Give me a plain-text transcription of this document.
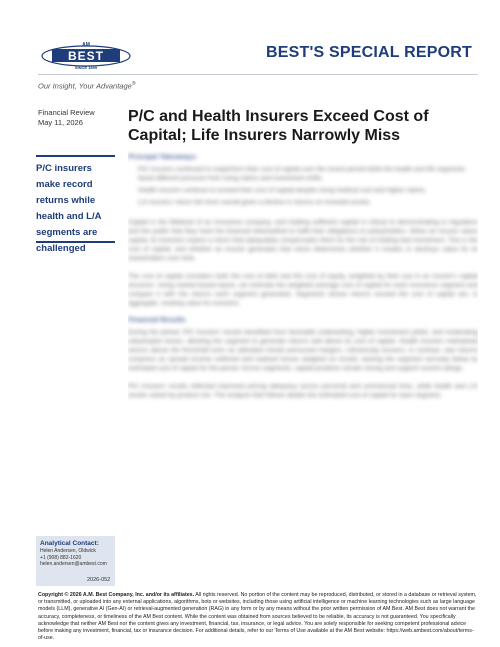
AM
BEST
SINCE 1899
BEST'S SPECIAL REPORT
Our Insight, Your Advantage®
Financial Review
May 11, 2026	P/C and Health Insurers Exceed Cost of Capital; Life Insurers Narrowly Miss
P/C insurers make record returns while health and L/A segments are challenged
Principal Takeaways
P/C insurers continued to outperform their cost of capital over the recent period while the health and life segments faced different pressure from rising claims and investment shifts.
Health insurers continue to exceed their cost of capital despite rising medical cost and higher claims.
L/A insurers' return fell short overall given a decline in returns on invested assets.

Capital is the lifeblood of an insurance company, and holding sufficient capital is critical to demonstrating to regulators and the public that they have the financial wherewithal to fulfill their obligations to policyholders. When an insurer raises capital, its investors expect a return that adequately compensates them for the risk of holding that investment. This is the cost of capital, and whether an insurer generates that return determines whether it creates or destroys value for its shareholders over time.

The cost of capital considers both the cost of debt and the cost of equity, weighted by their use in an insurer's capital structure. Using market-based inputs, we estimate the weighted average cost of capital for each insurance segment and compare it with the returns each segment generated. Segments whose returns exceed the cost of capital are, in aggregate, creating value for investors.

Financial Results

During the period, P/C insurers' results benefited from favorable underwriting, higher investment yields, and moderating catastrophe losses, allowing the segment to generate returns well above its cost of capital. Health insurers maintained returns above the threshold even as utilization trends pressured margins. Life/annuity insurers, in contrast, saw returns compress as spread income softened and realized losses weighed on results, leaving the segment narrowly below its estimated cost of capital for the period. Across segments, capital positions remain strong and support current ratings.

P/C insurers' results reflected improved pricing adequacy across personal and commercial lines, while health and L/A results varied by product mix. The analysis that follows details the estimated cost of capital for each segment.

Analytical Contact:
Helen Andersen, Oldwick
+1 (908) 882-1620
helen.andersen@ambest.com
2026-052
Copyright © 2026 A.M. Best Company, Inc. and/or its affiliates. All rights reserved. No portion of the content may be reproduced, distributed, or stored in a database or retrieval system, or transmitted, or uploaded into any external applications, algorithms, bots or websites, including those using artificial intelligence or machine learning technologies such as large language models (LLM), generative AI (Gen-AI) or retrieval-augmented generation (RAG) in any form or by any means without the prior written permission of AM Best. AM Best does not warrant the accuracy, completeness, or timeliness of the AM Best content. While the content was obtained from sources believed to be reliable, its accuracy is not guaranteed. You specifically acknowledge that neither AM Best nor the content gives any investment, financial, tax, insurance, or legal advice. You are solely responsible for seeking competent professional advice before making any investment, financial, tax or insurance decision. For additional details, refer to our Terms of Use available at the AM Best website: https://web.ambest.com/about/terms-of-use.
